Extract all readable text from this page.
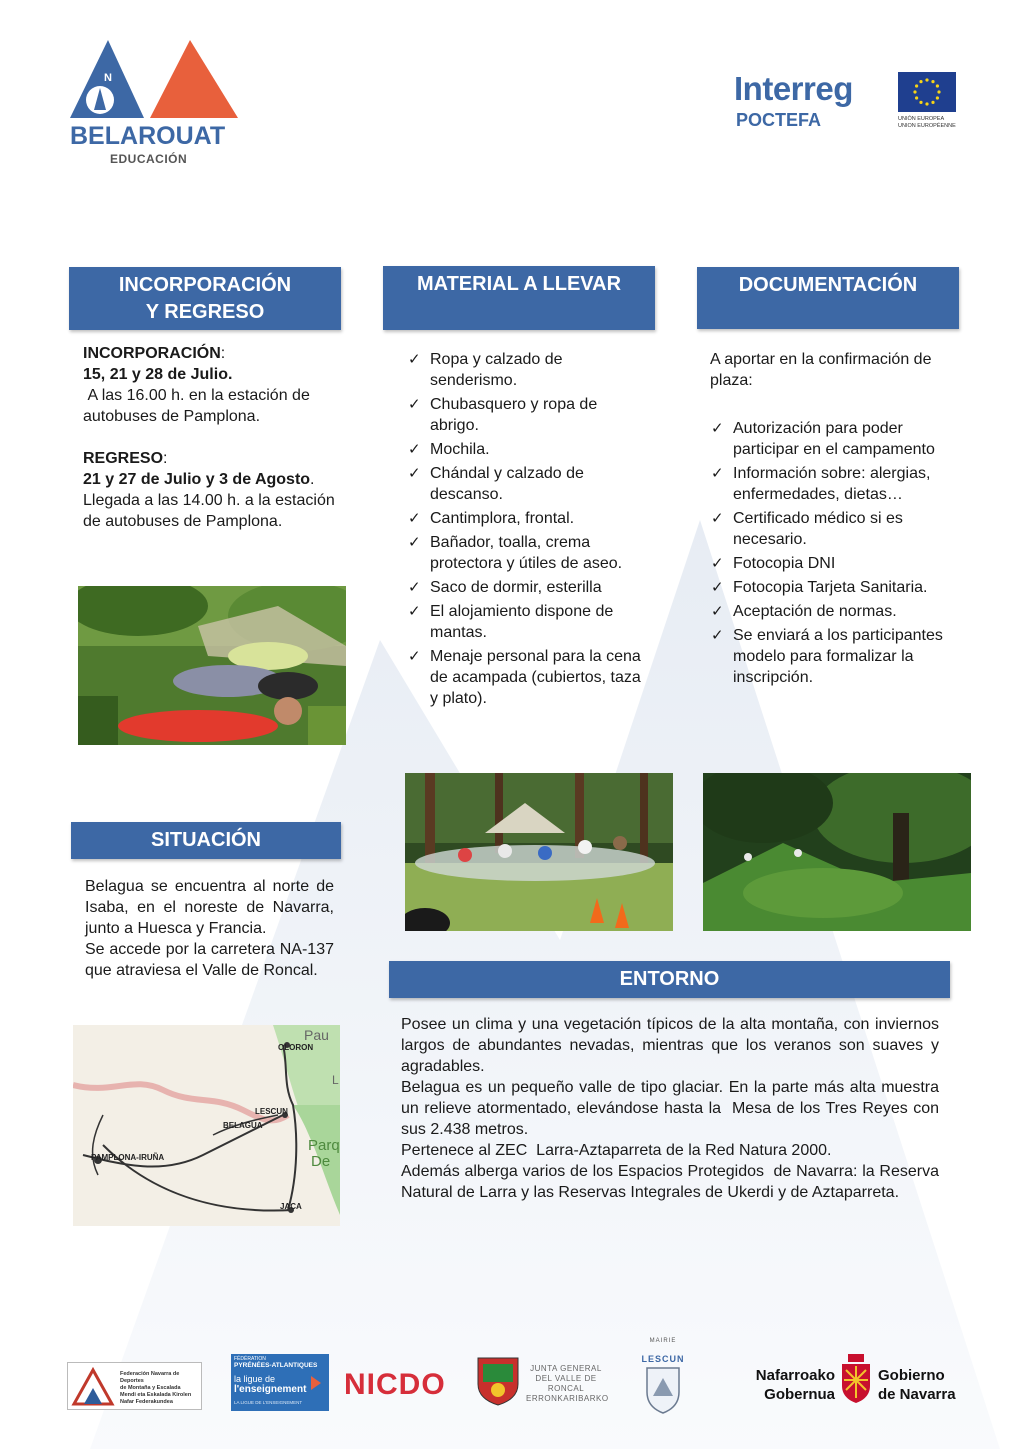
N
BELAROUAT
EDUCACIÓN
Interreg
POCTEFA	UNIÓN EUROPEA
UNION EUROPÉENNE
INCORPORACIÓN
Y REGRESO
INCORPORACIÓN:
15, 21 y 28 de Julio.
A las 16.00 h. en la estación de autobuses de Pamplona.
REGRESO:
21 y 27 de Julio y 3 de Agosto.
Llegada a las 14.00 h. a la estación de autobuses de Pamplona.
MATERIAL A LLEVAR
✓ Ropa y calzado de senderismo.
✓ Chubasquero y ropa de abrigo.
✓ Mochila.
✓ Chándal y calzado de descanso.
✓ Cantimplora, frontal.
✓ Bañador, toalla, crema protectora y útiles de aseo.
✓ Saco de dormir, esterilla
✓ El alojamiento dispone de mantas.
✓ Menaje personal para la cena de acampada (cubiertos, taza y plato).
DOCUMENTACIÓN
A aportar en la confirmación de plaza:
✓ Autorización para poder participar en el campamento
✓ Información sobre: alergias, enfermedades, dietas…
✓ Certificado médico si es necesario.
✓ Fotocopia DNI
✓ Fotocopia Tarjeta Sanitaria.
✓ Aceptación de normas.
✓ Se enviará a los participantes modelo para formalizar la inscripción.
SITUACIÓN
Belagua se encuentra al norte de Isaba, en el noreste de Navarra, junto a Huesca y Francia.
Se accede por la carretera NA-137 que atraviesa el Valle de Roncal.
Pau
OLORON
LESCUN
BELAGUA
PAMPLONA-IRUÑA
JACA
Parq
De
L
ENTORNO
Posee un clima y una vegetación típicos de la alta montaña, con inviernos largos de abundantes nevadas, mientras que los veranos son suaves y agradables.
Belagua es un pequeño valle de tipo glaciar. En la parte más alta muestra un relieve atormentado, elevándose hasta la  Mesa de los Tres Reyes con sus 2.438 metros.
Pertenece al ZEC  Larra-Aztaparreta de la Red Natura 2000.
Además alberga varios de los Espacios Protegidos  de Navarra: la Reserva Natural de Larra y las Reservas Integrales de Ukerdi y de Aztaparreta.
Federación Navarra de Deportes
de Montaña y Escalada
Mendi eta Eskalada Kirolen
Nafar Federakundea
FÉDÉRATION
PYRÉNÉES-ATLANTIQUES
la ligue de
l'enseignement
LA LIGUE DE L'ENSEIGNEMENT
NICDO	JUNTA GENERAL
DEL VALLE DE
RONCAL
ERRONKARIBARKO
MAIRIE
LESCUN
Nafarroako
Gobernua
Gobierno
de Navarra
